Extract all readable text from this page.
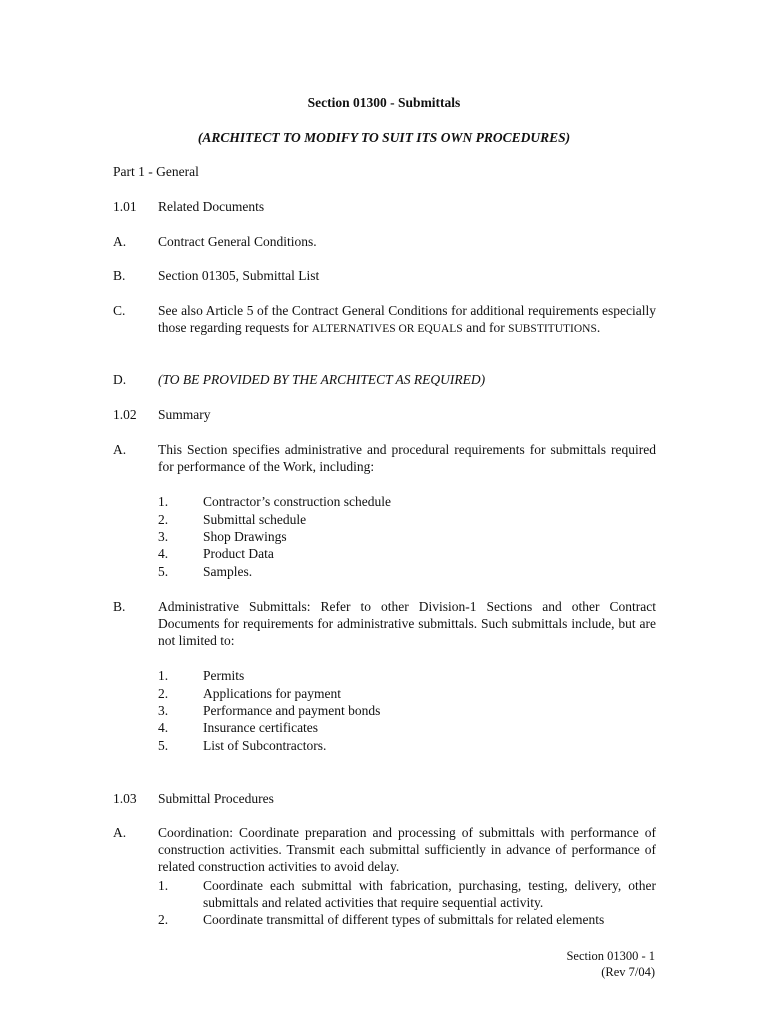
Section 01300 - Submittals
(ARCHITECT TO MODIFY TO SUIT ITS OWN PROCEDURES)
Part 1 - General
1.01 Related Documents
A. Contract General Conditions.
B. Section 01305, Submittal List
C. See also Article 5 of the Contract General Conditions for additional requirements especially those regarding requests for ALTERNATIVES OR EQUALS and for SUBSTITUTIONS.
D. (TO BE PROVIDED BY THE ARCHITECT AS REQUIRED)
1.02 Summary
A. This Section specifies administrative and procedural requirements for submittals required for performance of the Work, including:
1.	Contractor’s construction schedule
2.	Submittal schedule
3.	Shop Drawings
4.	Product Data
5.	Samples.
B. Administrative Submittals: Refer to other Division-1 Sections and other Contract Documents for requirements for administrative submittals. Such submittals include, but are not limited to:
1.	Permits
2.	Applications for payment
3.	Performance and payment bonds
4.	Insurance certificates
5.	List of Subcontractors.
1.03 Submittal Procedures
A. Coordination: Coordinate preparation and processing of submittals with performance of construction activities. Transmit each submittal sufficiently in advance of performance of related construction activities to avoid delay.
1.	Coordinate each submittal with fabrication, purchasing, testing, delivery, other submittals and related activities that require sequential activity.
2.	Coordinate transmittal of different types of submittals for related elements
Section 01300 - 1
(Rev 7/04)
